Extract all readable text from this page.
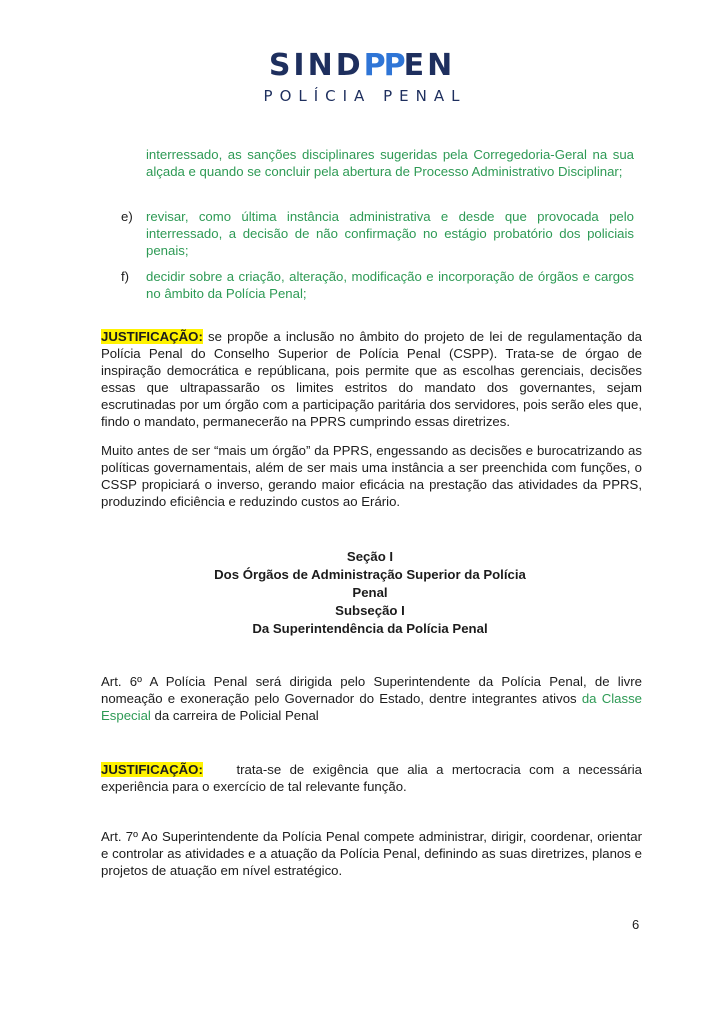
SINDPPEN
POLÍCIA PENAL
interressado, as sanções disciplinares sugeridas pela Corregedoria-Geral na sua alçada e quando se concluir pela abertura de Processo Administrativo Disciplinar;
e) revisar, como última instância administrativa e desde que provocada pelo interressado, a decisão de não confirmação no estágio probatório dos policiais penais;
f) decidir sobre a criação, alteração, modificação e incorporação de órgãos e cargos no âmbito da Polícia Penal;
JUSTIFICAÇÃO: se propõe a inclusão no âmbito do projeto de lei de regulamentação da Polícia Penal do Conselho Superior de Polícia Penal (CSPP). Trata-se de órgao de inspiração democrática e repúblicana, pois permite que as escolhas gerenciais, decisões essas que ultrapassarão os limites estritos do mandato dos governantes, sejam escrutinadas por um órgão com a participação paritária dos servidores, pois serão eles que, findo o mandato, permanecerão na PPRS cumprindo essas diretrizes.
Muito antes de ser “mais um órgão” da PPRS, engessando as decisões e burocatrizando as políticas governamentais, além de ser mais uma instância a ser preenchida com funções, o CSSP propiciará o inverso, gerando maior eficácia na prestação das atividades da PPRS, produzindo eficiência e reduzindo custos ao Erário.
Seção I
Dos Órgãos de Administração Superior da Polícia
Penal
Subseção I
Da Superintendência da Polícia Penal
Art. 6º A Polícia Penal será dirigida pelo Superintendente da Polícia Penal, de livre nomeação e exoneração pelo Governador do Estado, dentre integrantes ativos da Classe Especial da carreira de Policial Penal
JUSTIFICAÇÃO:    trata-se de exigência que alia a mertocracia com a necessária experiência para o exercício de tal relevante função.
Art. 7º Ao Superintendente da Polícia Penal compete administrar, dirigir, coordenar, orientar e controlar as atividades e a atuação da Polícia Penal, definindo as suas diretrizes, planos e projetos de atuação em nível estratégico.
6
